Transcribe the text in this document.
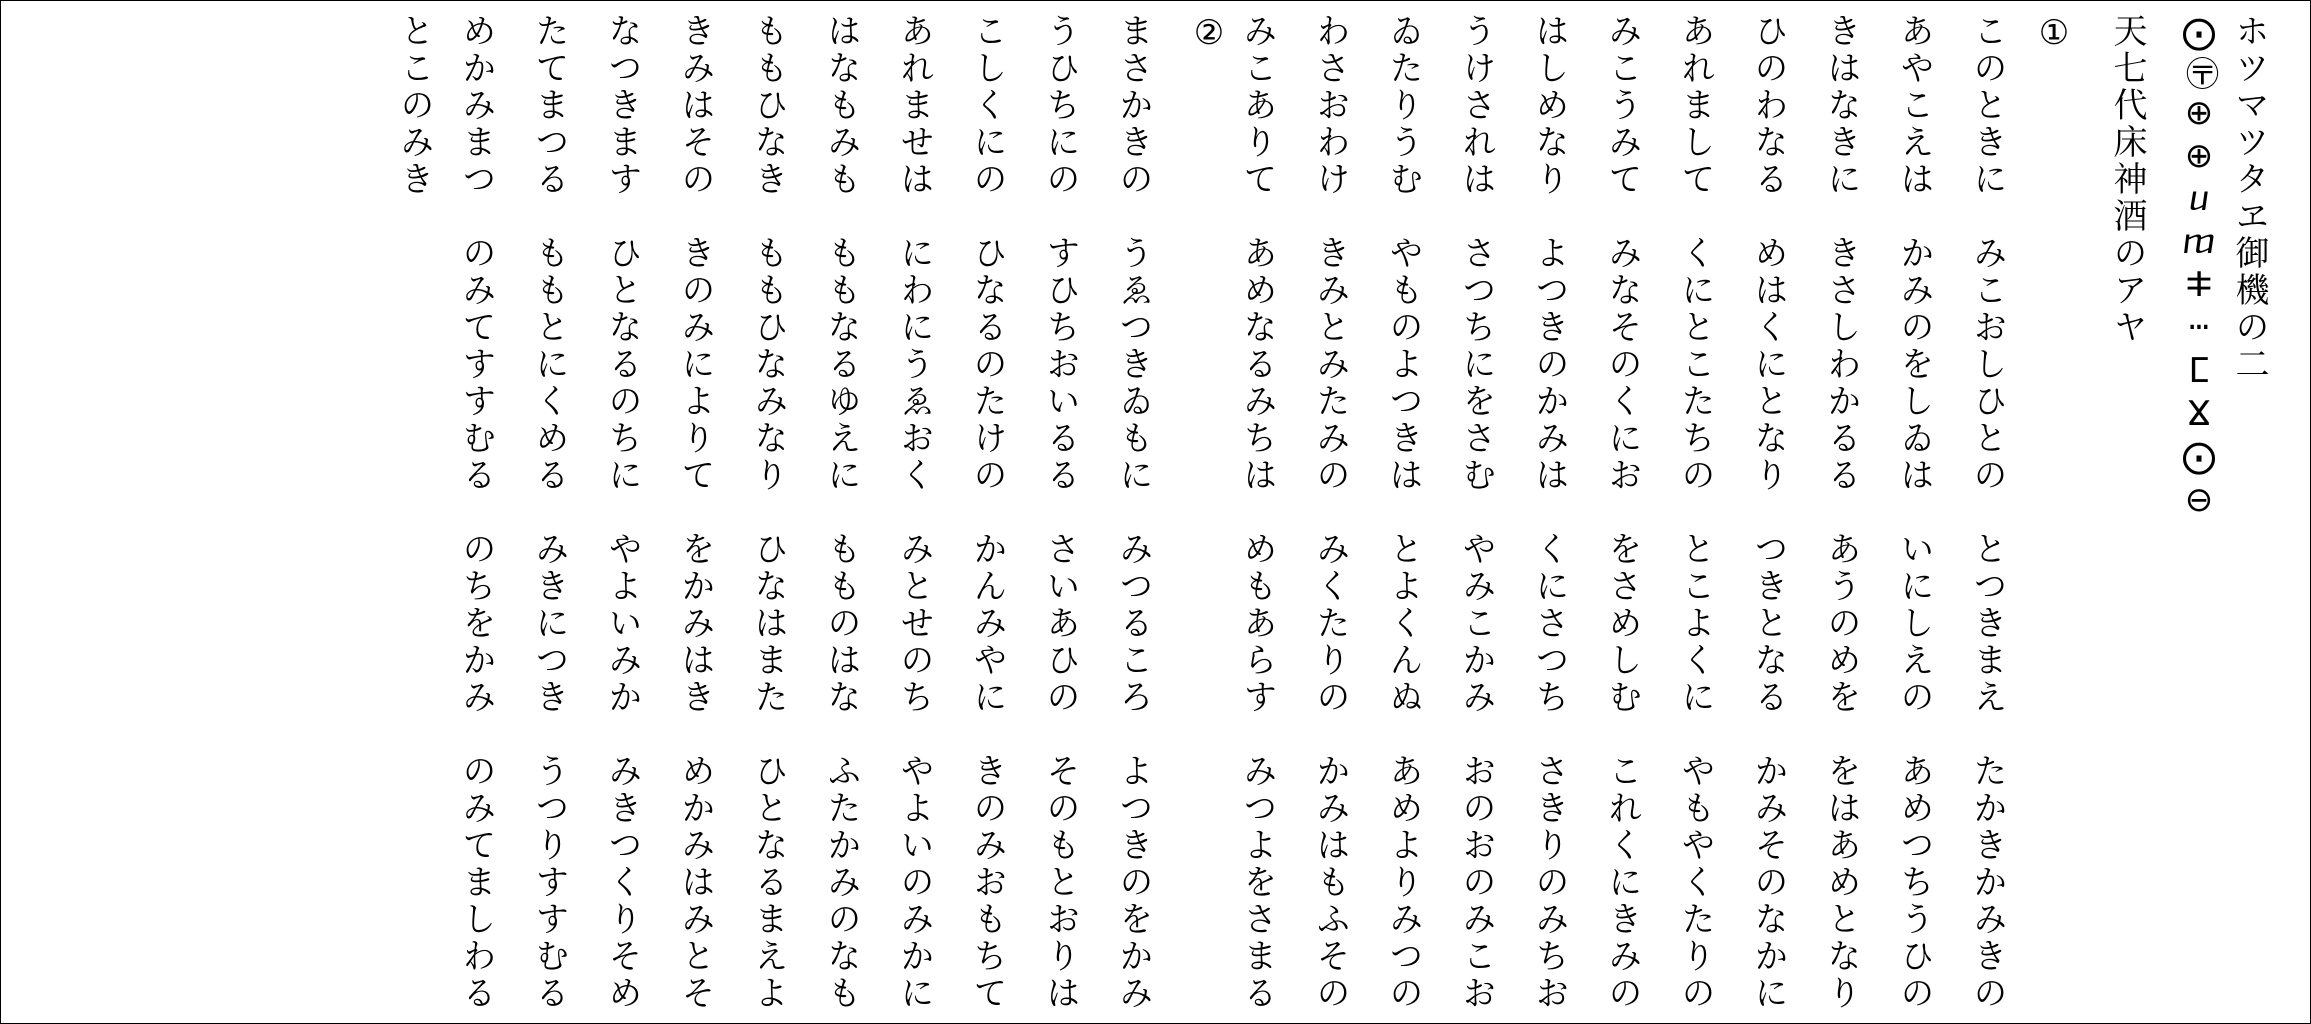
ホツマツタヱ御機の二
⨀〶⊕⊕ⴎⴊⵐⵈⵎⴴ⨀⊖
天七代床神酒のアヤ
①
このときに　みこおしひとの　とつきまえ　たかきかみきの
あやこえは　かみのをしゐは　いにしえの　あめつちうひの
きはなきに　きさしわかるる　あうのめを　をはあめとなり
ひのわなる　めはくにとなり　つきとなる　かみそのなかに
あれまして　くにとこたちの　とこよくに　やもやくたりの
みこうみて　みなそのくにお　をさめしむ　これくにきみの
はしめなり　よつきのかみは　くにさつち　さきりのみちお
うけされは　さつちにをさむ　やみこかみ　おのおのみこお
ゐたりうむ　やものよつきは　とよくんぬ　あめよりみつの
わさおわけ　きみとみたみの　みくたりの　かみはもふその
みこありて　あめなるみちは　めもあらす　みつよをさまる
②
まさかきの　うゑつきゐもに　みつるころ　よつきのをかみ
うひちにの　すひちおいるる　さいあひの　そのもとおりは
こしくにの　ひなるのたけの　かんみやに　きのみおもちて
あれませは　にわにうゑおく　みとせのち　やよいのみかに
はなもみも　ももなるゆえに　もものはな　ふたかみのなも
ももひなき　ももひなみなり　ひなはまた　ひとなるまえよ
きみはその　きのみによりて　をかみはき　めかみはみとそ
なつきます　ひとなるのちに　やよいみか　みきつくりそめ
たてまつる　ももとにくめる　みきにつき　うつりすすむる
めかみまつ　のみてすすむる　のちをかみ　のみてましわる
とこのみき
